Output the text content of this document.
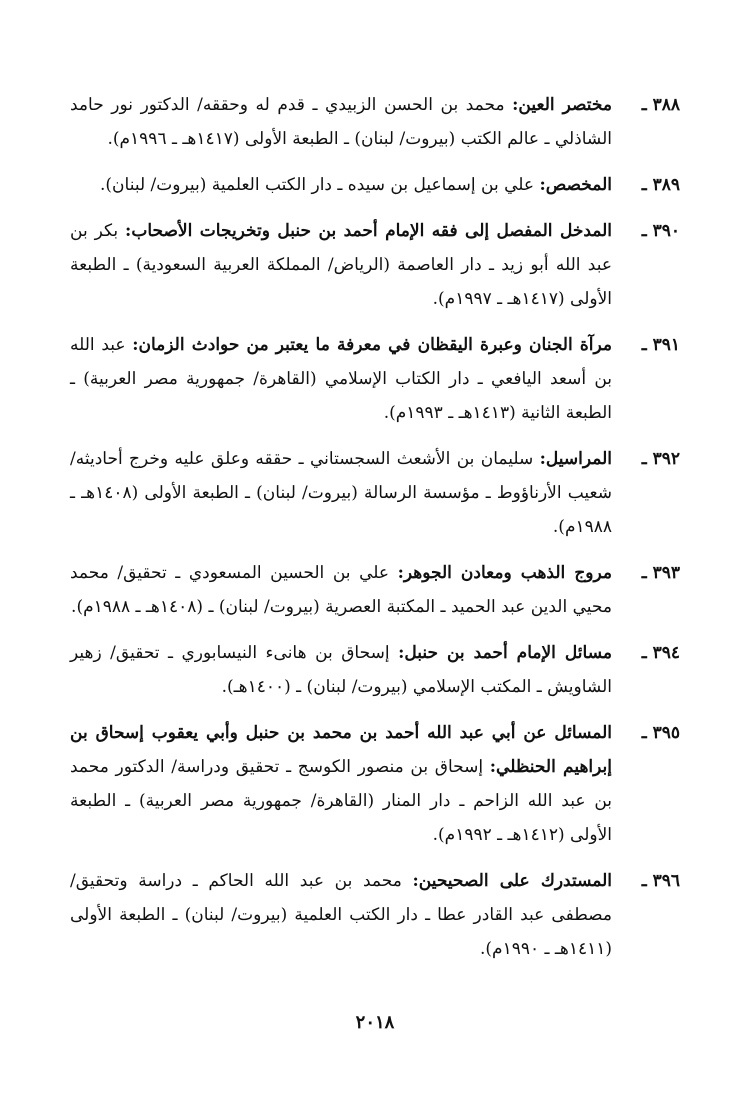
٣٨٨ ـ
مختصر العين: محمد بن الحسن الزبيدي ـ قدم له وحققه/ الدكتور نور حامد الشاذلي ـ عالم الكتب (بيروت/ لبنان) ـ الطبعة الأولى (١٤١٧هـ ـ ١٩٩٦م).
٣٨٩ ـ
المخصص: علي بن إسماعيل بن سيده ـ دار الكتب العلمية (بيروت/ لبنان).
٣٩٠ ـ
المدخل المفصل إلى فقه الإمام أحمد بن حنبل وتخريجات الأصحاب: بكر بن عبد الله أبو زيد ـ دار العاصمة (الرياض/ المملكة العربية السعودية) ـ الطبعة الأولى (١٤١٧هـ ـ ١٩٩٧م).
٣٩١ ـ
مرآة الجنان وعبرة اليقظان في معرفة ما يعتبر من حوادث الزمان: عبد الله بن أسعد اليافعي ـ دار الكتاب الإسلامي (القاهرة/ جمهورية مصر العربية) ـ الطبعة الثانية (١٤١٣هـ ـ ١٩٩٣م).
٣٩٢ ـ
المراسيل: سليمان بن الأشعث السجستاني ـ حققه وعلق عليه وخرج أحاديثه/ شعيب الأرناؤوط ـ مؤسسة الرسالة (بيروت/ لبنان) ـ الطبعة الأولى (١٤٠٨هـ ـ ١٩٨٨م).
٣٩٣ ـ
مروج الذهب ومعادن الجوهر: علي بن الحسين المسعودي ـ تحقيق/ محمد محيي الدين عبد الحميد ـ المكتبة العصرية (بيروت/ لبنان) ـ (١٤٠٨هـ ـ ١٩٨٨م).
٣٩٤ ـ
مسائل الإمام أحمد بن حنبل: إسحاق بن هانىء النيسابوري ـ تحقيق/ زهير الشاويش ـ المكتب الإسلامي (بيروت/ لبنان) ـ (١٤٠٠هـ).
٣٩٥ ـ
المسائل عن أبي عبد الله أحمد بن محمد بن حنبل وأبي يعقوب إسحاق بن إبراهيم الحنظلي: إسحاق بن منصور الكوسج ـ تحقيق ودراسة/ الدكتور محمد بن عبد الله الزاحم ـ دار المنار (القاهرة/ جمهورية مصر العربية) ـ الطبعة الأولى (١٤١٢هـ ـ ١٩٩٢م).
٣٩٦ ـ
المستدرك على الصحيحين: محمد بن عبد الله الحاكم ـ دراسة وتحقيق/ مصطفى عبد القادر عطا ـ دار الكتب العلمية (بيروت/ لبنان) ـ الطبعة الأولى (١٤١١هـ ـ ١٩٩٠م).
٢٠١٨
